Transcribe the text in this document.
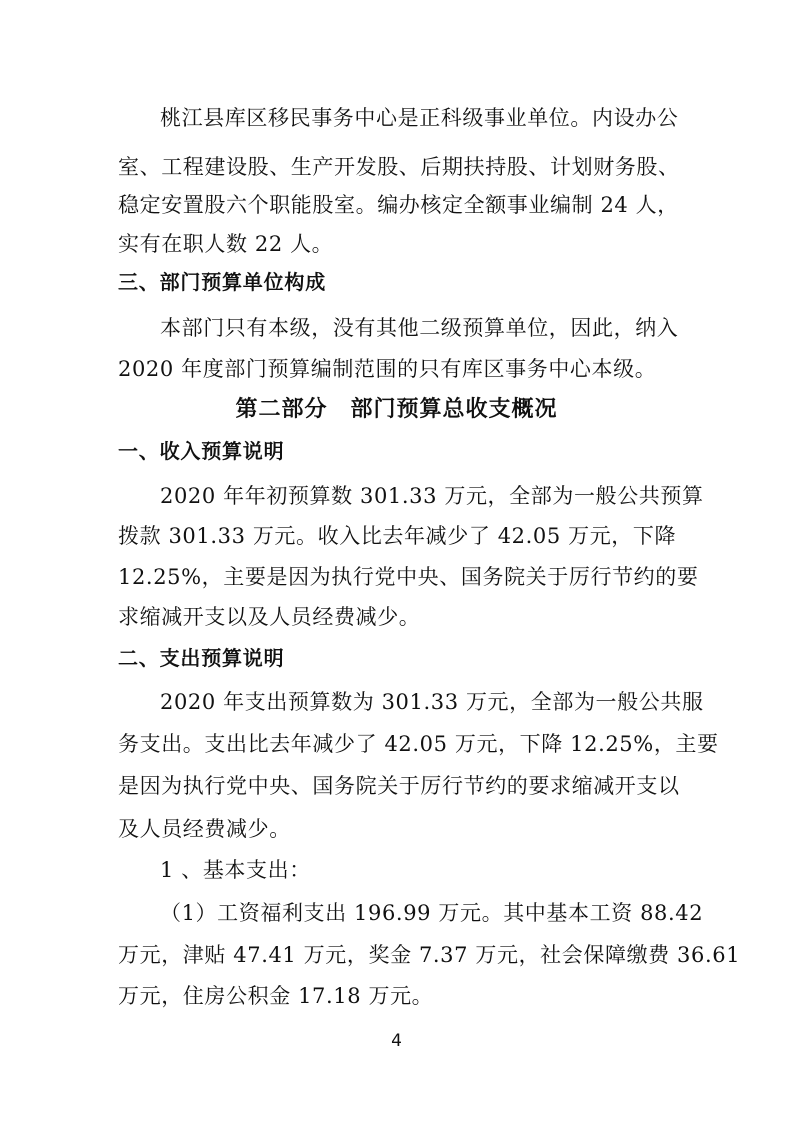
桃江县库区移民事务中心是正科级事业单位。内设办公
室、工程建设股、生产开发股、后期扶持股、计划财务股、
稳定安置股六个职能股室。编办核定全额事业编制 24 人，
实有在职人数 22 人。
三、部门预算单位构成
本部门只有本级，没有其他二级预算单位，因此，纳入
2020 年度部门预算编制范围的只有库区事务中心本级。
第二部分　部门预算总收支概况
一、收入预算说明
2020 年年初预算数 301.33 万元，全部为一般公共预算
拨款 301.33 万元。收入比去年减少了 42.05 万元，下降
12.25%，主要是因为执行党中央、国务院关于厉行节约的要
求缩减开支以及人员经费减少。
二、支出预算说明
2020 年支出预算数为 301.33 万元，全部为一般公共服
务支出。支出比去年减少了 42.05 万元，下降 12.25%，主要
是因为执行党中央、国务院关于厉行节约的要求缩减开支以
及人员经费减少。
1 、基本支出：
（1）工资福利支出 196.99 万元。其中基本工资 88.42
万元，津贴 47.41 万元，奖金 7.37 万元，社会保障缴费 36.61
万元，住房公积金 17.18 万元。
4
